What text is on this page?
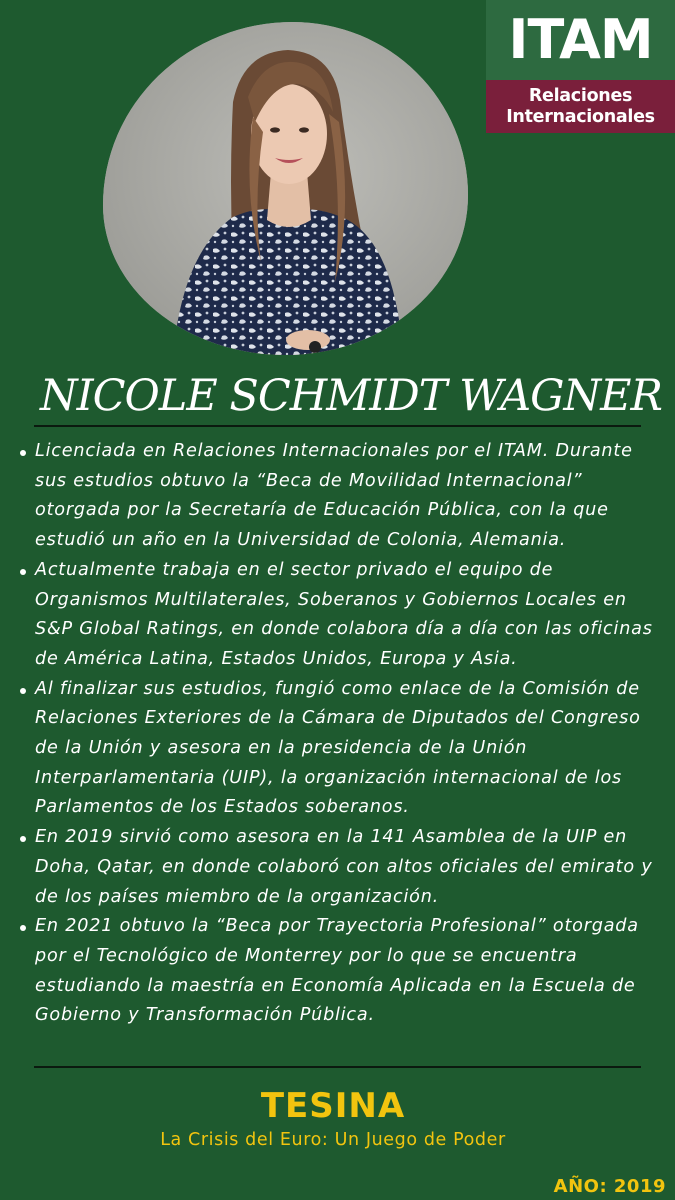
ITAM
Relaciones
Internacionales
NICOLE SCHMIDT WAGNER
Licenciada en Relaciones Internacionales por el ITAM. Durante sus estudios obtuvo la “Beca de Movilidad Internacional” otorgada por la Secretaría de Educación Pública, con la que estudió un año en la Universidad de Colonia, Alemania.
Actualmente trabaja en el sector privado el equipo de Organismos Multilaterales, Soberanos y Gobiernos Locales en S&P Global Ratings, en donde colabora día a día con las oficinas de América Latina, Estados Unidos, Europa y Asia.
Al finalizar sus estudios, fungió como enlace de la Comisión de Relaciones Exteriores de la Cámara de Diputados del Congreso de la Unión y asesora en la presidencia de la Unión Interparlamentaria (UIP), la organización internacional de los Parlamentos de los Estados soberanos.
En 2019 sirvió como asesora en la 141 Asamblea de la UIP en Doha, Qatar, en donde colaboró con altos oficiales del emirato y de los países miembro de la organización.
En 2021 obtuvo la “Beca por Trayectoria Profesional” otorgada por el Tecnológico de Monterrey por lo que se encuentra estudiando la maestría en Economía Aplicada en la Escuela de Gobierno y Transformación Pública.
TESINA
La Crisis del Euro: Un Juego de Poder
AÑO: 2019
